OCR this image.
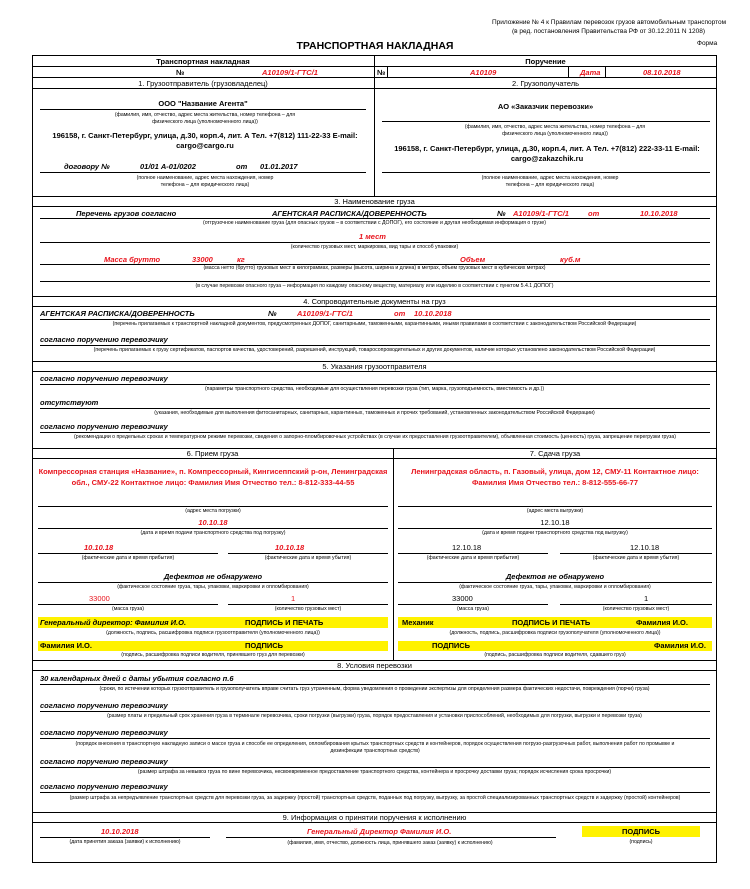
Приложение № 4 к Правилам перевозок грузов автомобильным транспортом
(в ред. постановления Правительства РФ от 30.12.2011 N 1208)
Форма
ТРАНСПОРТНАЯ НАКЛАДНАЯ
Транспортная накладная	Поручение
№	А10109/1-ГТС/1	№	А10109	Дата	08.10.2018
1. Грузоотправитель (грузовладелец)
ООО "Название Агента"
(фамилия, имя, отчество, адрес места жительства, номер телефона – для физического лица (уполномоченного лица))
196158, г. Санкт-Петербург, улица, д.30, корп.4, лит. А Тел. +7(812) 111-22-33 E-mail: cargo@cargo.ru
договору №	01/01 А-01/0202	от 01.01.2017
(полное наименование, адрес места нахождения, номер телефона – для юридического лица)
2. Грузополучатель
АО «Заказчик перевозки»
(фамилия, имя, отчество, адрес места жительства, номер телефона – для физического лица (уполномоченного лица))
196158, г. Санкт-Петербург, улица, д.30, корп.4, лит. А Тел. +7(812) 222-33-11 E-mail: cargo@zakazchik.ru
(полное наименование, адрес места нахождения, номер телефона – для юридического лица)
3. Наименование груза
Перечень грузов согласно	АГЕНТСКАЯ РАСПИСКА/ДОВЕРЕННОСТЬ	№ А10109/1-ГТС/1	от	10.10.2018
(отгрузочное наименование груза (для опасных грузов – в соответствии с ДОПОГ), его состояние и другая необходимая информация о грузе)
1 мест
(количество грузовых мест, маркировка, вид тары и способ упаковки)
Масса брутто	33000	кг	Объем	куб.м
(масса нетто (брутто) грузовых мест в килограммах, размеры (высота, ширина и длина) в метрах, объем грузовых мест в кубических метрах)
(в случае перевозки опасного груза – информация по каждому опасному веществу, материалу или изделию в соответствии с пунктом 5.4.1 ДОПОГ)
4. Сопроводительные документы на груз
АГЕНТСКАЯ РАСПИСКА/ДОВЕРЕННОСТЬ	№	А10109/1-ГТС/1	от 10.10.2018
(перечень прилагаемых к транспортной накладной документов, предусмотренных ДОПОГ, санитарными, таможенными, карантинными, иными правилами в соответствии с законодательством Российской Федерации)
согласно поручению перевозчику
(перечень прилагаемых к грузу сертификатов, паспортов качества, удостоверений, разрешений, инструкций, товаросопроводительных и других документов, наличие которых установлено законодательством Российской Федерации)
5. Указания грузоотправителя
согласно поручению перевозчику
(параметры транспортного средства, необходимые для осуществления перевозки груза (тип, марка, грузоподъемность, вместимость и др.))
отсутствуют
(указания, необходимые для выполнения фитосанитарных, санитарных, карантинных, таможенных и прочих требований, установленных законодательством Российской Федерации)
согласно поручению перевозчику
(рекомендации о предельных сроках и температурном режиме перевозки, сведения о запорно-пломбировочных устройствах (в случае их предоставления грузоотправителем), объявленная стоимость (ценность) груза, запрещение перегрузки груза)
6. Прием груза	7. Сдача груза
Компрессорная станция «Название», п. Компрессорный, Кингисеппский р-он, Ленинградская обл., СМУ-22 Контактное лицо: Фамилия Имя Отчество тел.: 8-812-333-44-55
(адрес места погрузки)
10.10.18
(дата и время подачи транспортного средства под погрузку)
10.10.18	10.10.18
(фактические дата и время прибытия)	(фактические дата и время убытия)
Дефектов не обнаружено
(фактическое состояние груза, тары, упаковки, маркировки и опломбирования)
33000	1
(масса груза)	(количество грузовых мест)
Генеральный директор: Фамилия И.О.	ПОДПИСЬ И ПЕЧАТЬ
(должность, подпись, расшифровка подписи грузоотправителя (уполномоченного лица))
Фамилия И.О.	ПОДПИСЬ
(подпись, расшифровка подписи водителя, принявшего груз для перевозки)
Ленинградская область, п. Газовый, улица, дом 12, СМУ-11 Контактное лицо: Фамилия Имя Отчество тел.: 8-812-555-66-77
(адрес места выгрузки)
12.10.18
(дата и время подачи транспортного средства под выгрузку)
12.10.18	12.10.18
(фактические дата и время прибытия)	(фактические дата и время убытия)
Дефектов не обнаружено
(фактическое состояние груза, тары, упаковки, маркировки и опломбирования)
33000	1
(масса груза)	(количество грузовых мест)
Механик	ПОДПИСЬ И ПЕЧАТЬ	Фамилия И.О.
(должность, подпись, расшифровка подписи грузополучателя (уполномоченного лица))
ПОДПИСЬ	Фамилия И.О.
(подпись, расшифровка подписи водителя, сдавшего груз)
8. Условия перевозки
30 календарных дней с даты убытия согласно п.6
(сроки, по истечении которых грузоотправитель и грузополучатель вправе считать груз утраченным, форма уведомления о проведении экспертизы для определения размера фактических недостачи, повреждения (порчи) груза)
согласно поручению перевозчику
(размер платы и предельный срок хранения груза в терминале перевозчика, сроки погрузки (выгрузки) груза, порядок предоставления и установки приспособлений, необходимых для погрузки, выгрузки и перевозки груза)
согласно поручению перевозчику
(порядок внесения в транспортную накладную записи о массе груза и способе ее определения, опломбирования крытых транспортных средств и контейнеров, порядок осуществления погрузо-разгрузочных работ, выполнения работ по промывке и дезинфекции транспортных средств)
согласно поручению перевозчику
(размер штрафа за невывоз груза по вине перевозчика, несвоевременное предоставление транспортного средства, контейнера и просрочку доставки груза; порядок исчисления срока просрочки)
согласно поручению перевозчику
(размер штрафа за непредъявление транспортных средств для перевозки груза, за задержку (простой) транспортных средств, поданных под погрузку, выгрузку, за простой специализированных транспортных средств и задержку (простой) контейнеров)
9. Информация о принятии поручения к исполнению
10.10.2018
(дата принятия заказа (заявки) к исполнению)
Генеральный Директор Фамилия И.О.
(фамилия, имя, отчество, должность лица, принявшего заказ (заявку) к исполнению)
ПОДПИСЬ
(подпись)
